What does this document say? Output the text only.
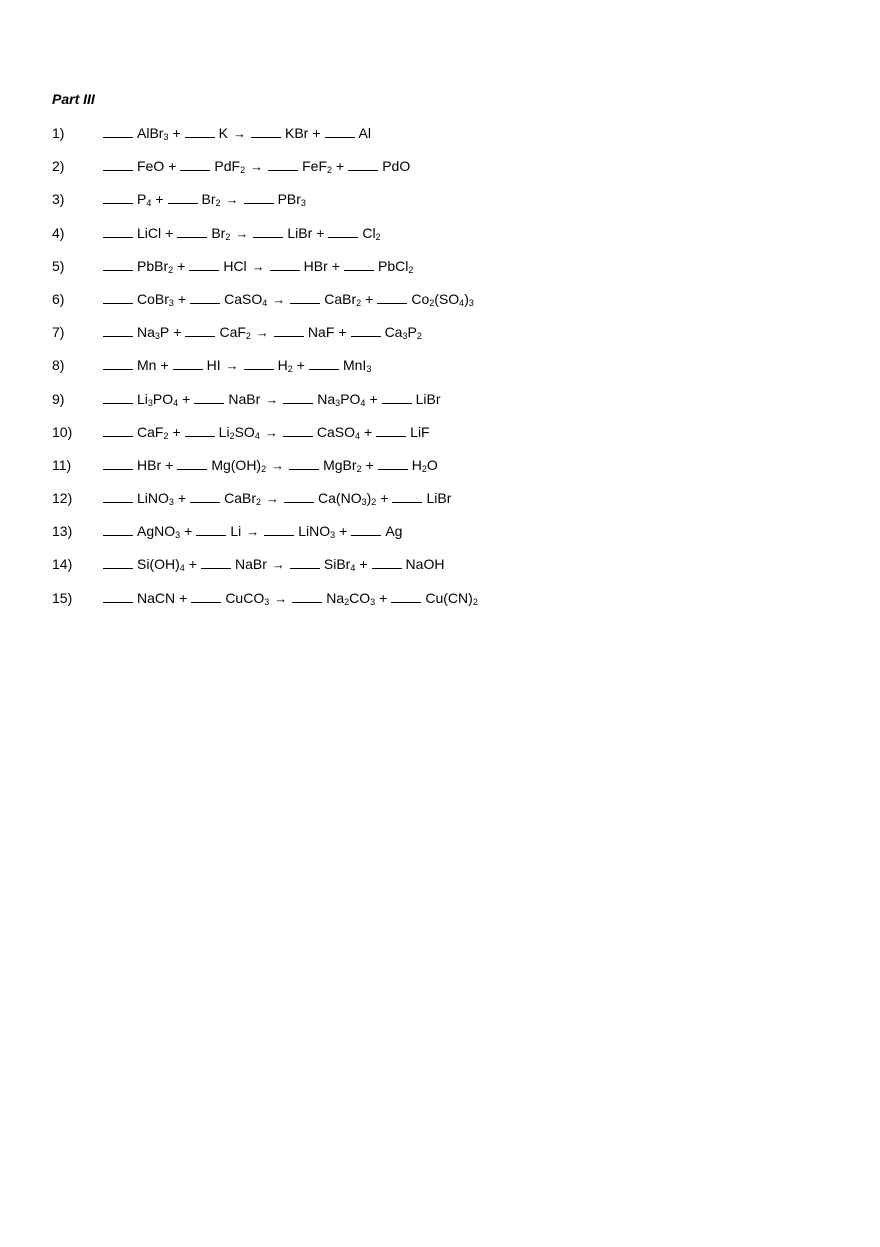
Part III
1)	AlBr$_3$ +	K →	KBr +	Al
2)	FeO +	PdF$_2$ →	FeF$_2$ +	PdO
3)	$P_4$ +	$Br_2$ →	PBr$_3$
4)	LiCl +	$Br_2$ →	LiBr +	$Cl_2$
5)	PbBr$_2$ +	HCl →	HBr +	PbCl$_2$
6)	CoBr$_3$ +	CaSO$_4$ →	CaBr$_2$ +	$Co_2(SO_4)_3$
7)	$Na_3P$ +	CaF$_2$ →	NaF +	$Ca_3P_2$
8)	Mn +	HI →	$H_2$ +	MnI$_3$
9)	$Li_3PO_4$ +	NaBr →	$Na_3PO_4$ +	LiBr
10)	CaF$_2$ +	$Li_2SO_4$ →	CaSO$_4$ +	LiF
11)	HBr +	$Mg(OH)_2$ →	MgBr$_2$ +	$H_2O$
12)	LiNO$_3$ +	CaBr$_2$ →	$Ca(NO_3)_2$ +	LiBr
13)	AgNO$_3$ +	Li →	LiNO$_3$ +	Ag
14)	$Si(OH)_4$ +	NaBr →	SiBr$_4$ +	NaOH
15)	NaCN +	CuCO$_3$ →	$Na_2CO_3$ +	$Cu(CN)_2$
